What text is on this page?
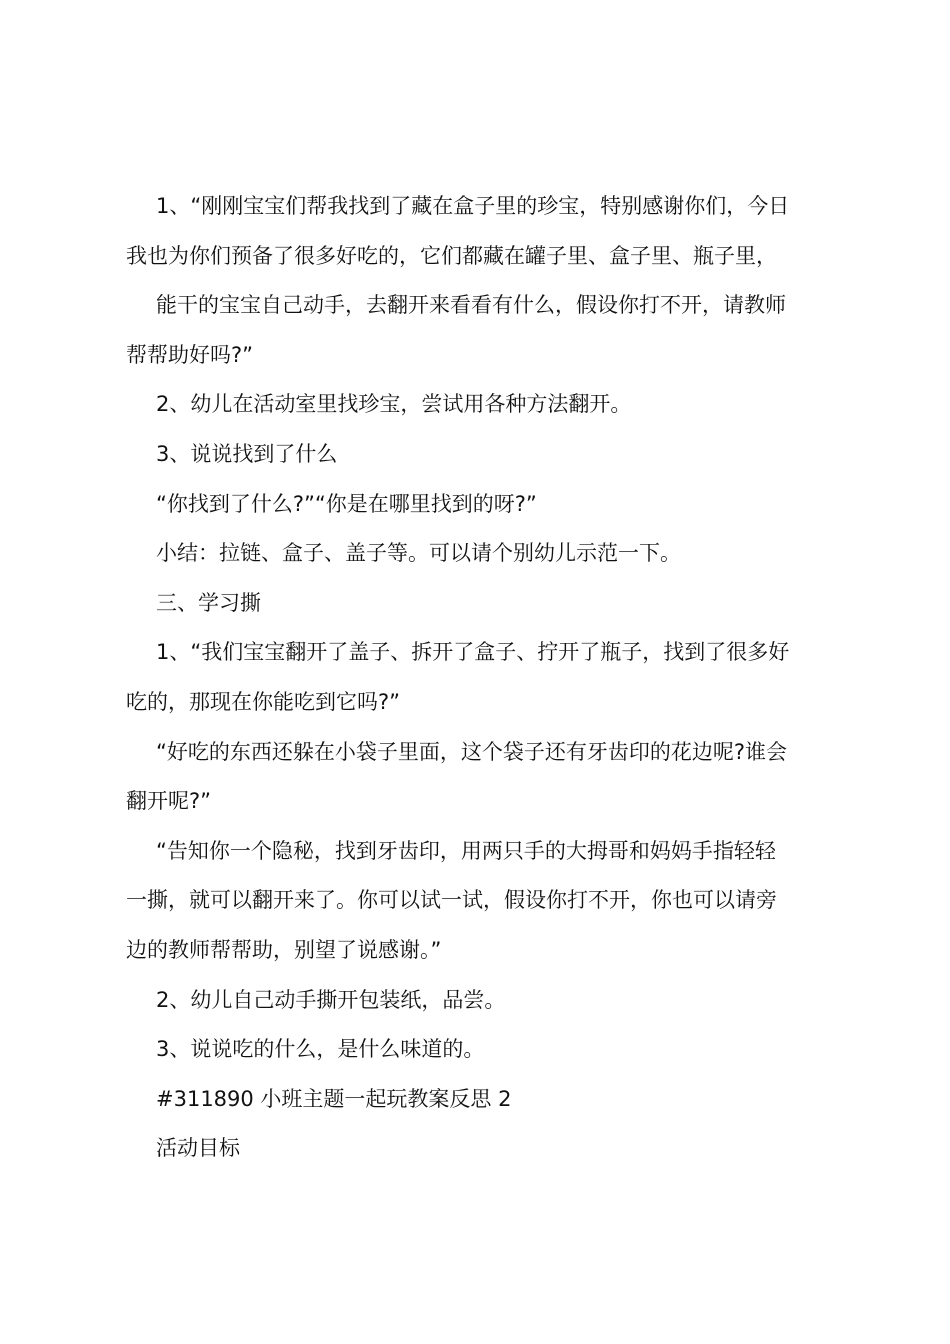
1、“刚刚宝宝们帮我找到了藏在盒子里的珍宝，特别感谢你们，今日
我也为你们预备了很多好吃的，它们都藏在罐子里、盒子里、瓶子里，
能干的宝宝自己动手，去翻开来看看有什么，假设你打不开，请教师
帮帮助好吗?”
2、幼儿在活动室里找珍宝，尝试用各种方法翻开。
3、说说找到了什么
“你找到了什么?”“你是在哪里找到的呀?”
小结：拉链、盒子、盖子等。可以请个别幼儿示范一下。
三、学习撕
1、“我们宝宝翻开了盖子、拆开了盒子、拧开了瓶子，找到了很多好
吃的，那现在你能吃到它吗?”
“好吃的东西还躲在小袋子里面，这个袋子还有牙齿印的花边呢?谁会
翻开呢?”
“告知你一个隐秘，找到牙齿印，用两只手的大拇哥和妈妈手指轻轻
一撕，就可以翻开来了。你可以试一试，假设你打不开，你也可以请旁
边的教师帮帮助，别望了说感谢。”
2、幼儿自己动手撕开包装纸，品尝。
3、说说吃的什么，是什么味道的。
#311890 小班主题一起玩教案反思 2
活动目标
